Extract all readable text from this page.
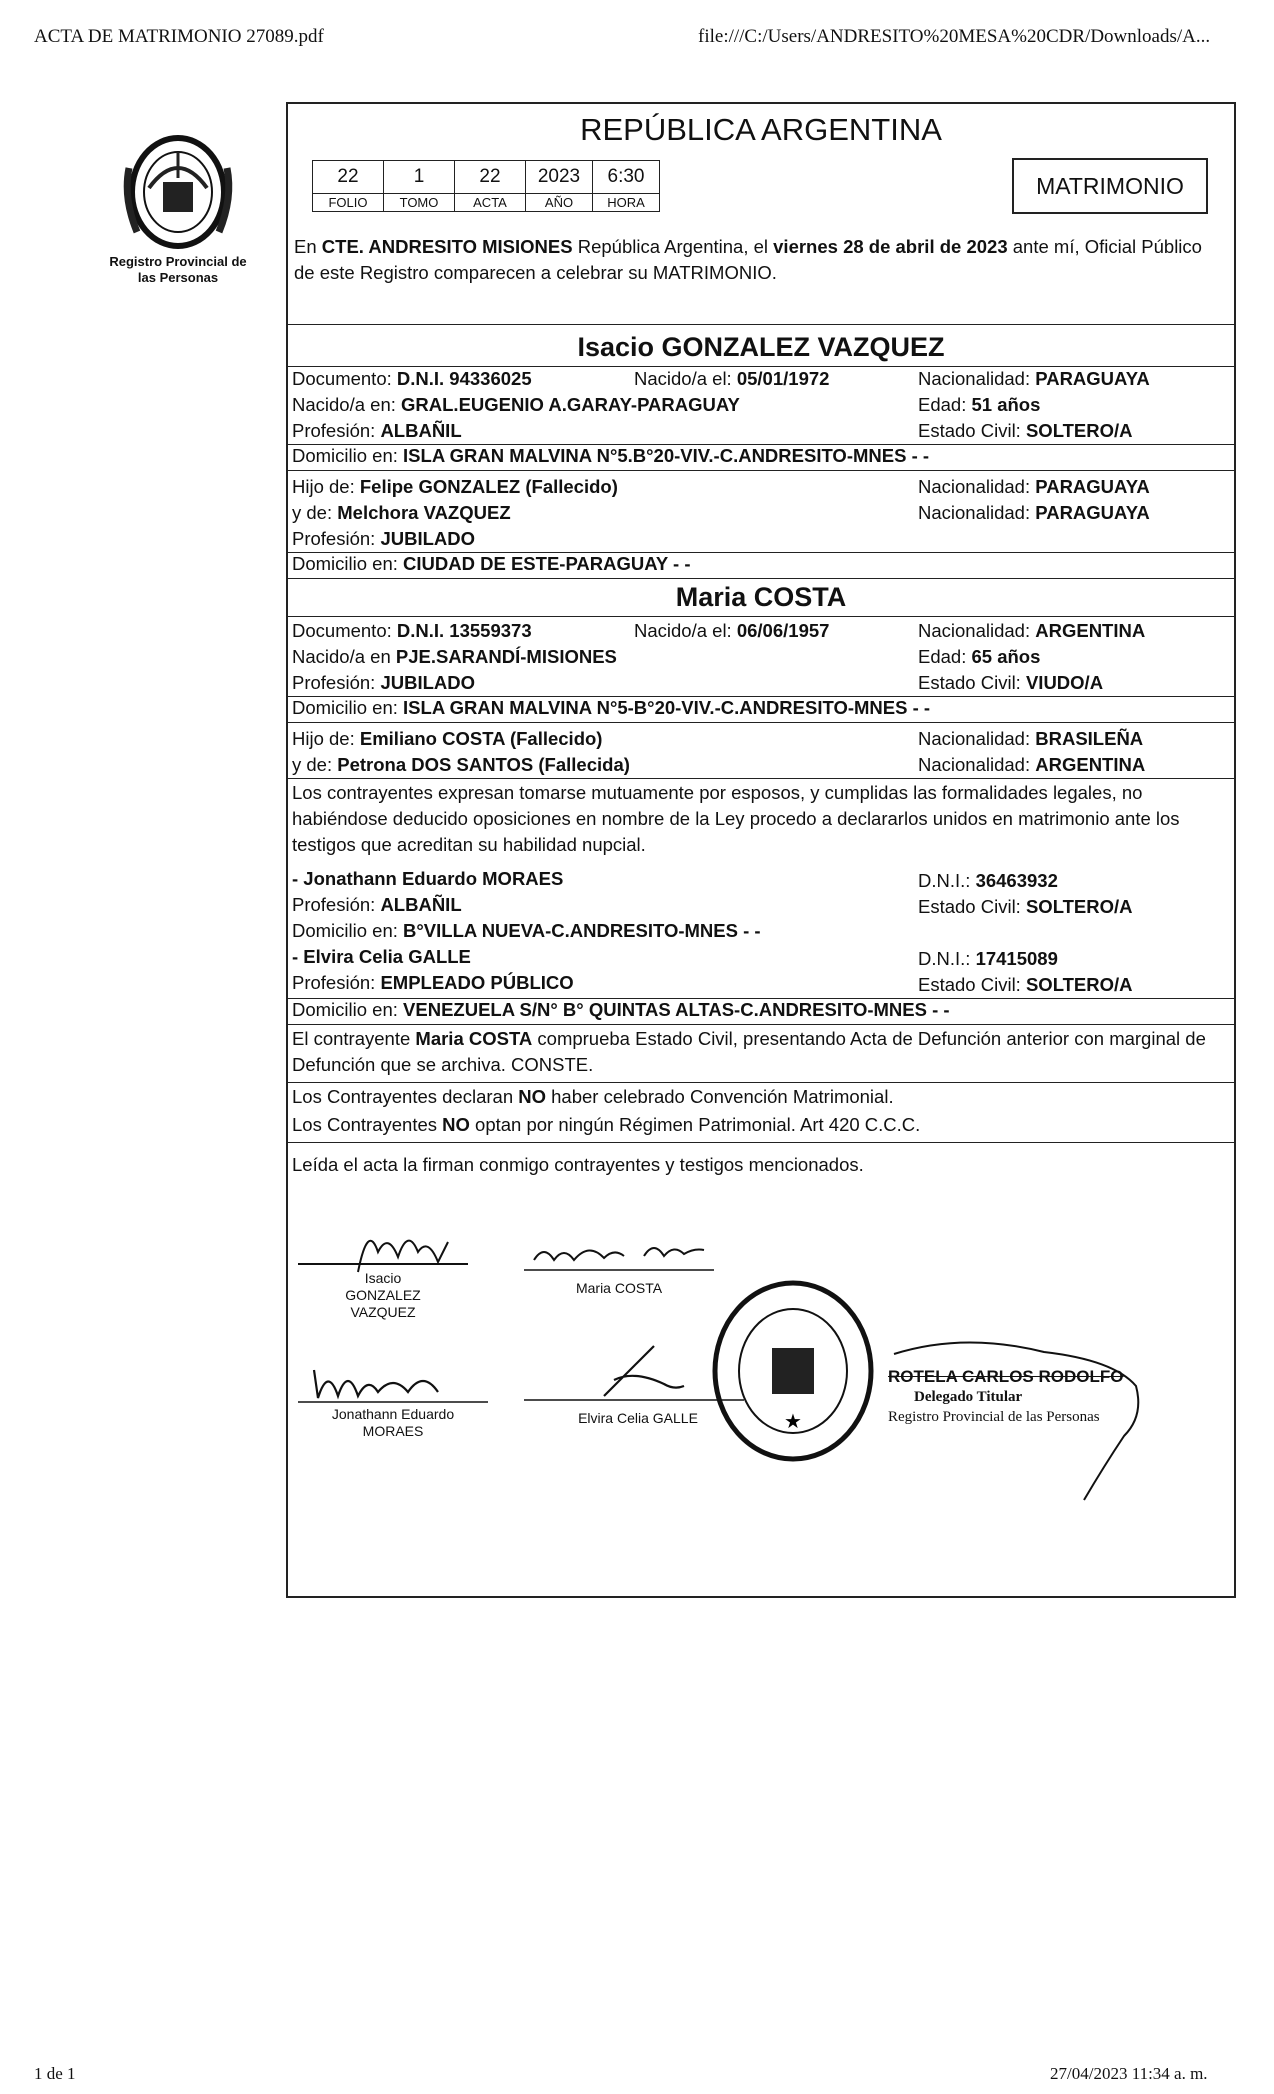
ACTA DE MATRIMONIO 27089.pdf	file:///C:/Users/ANDRESITO%20MESA%20CDR/Downloads/A...
Registro Provincial de las Personas
REPÚBLICA ARGENTINA
22	1	22	2023	6:30
FOLIO	TOMO	ACTA	AÑO	HORA
MATRIMONIO
En CTE. ANDRESITO MISIONES República Argentina, el viernes 28 de abril de 2023 ante mí, Oficial Público de este Registro comparecen a celebrar su MATRIMONIO.
Isacio GONZALEZ VAZQUEZ
Documento: D.N.I. 94336025	Nacido/a el: 05/01/1972	Nacionalidad: PARAGUAYA
Nacido/a en: GRAL.EUGENIO A.GARAY-PARAGUAY	Edad: 51 años
Profesión: ALBAÑIL	Estado Civil: SOLTERO/A
Domicilio en: ISLA GRAN MALVINA N°5.B°20-VIV.-C.ANDRESITO-MNES - -
Hijo de: Felipe GONZALEZ (Fallecido)	Nacionalidad: PARAGUAYA
y de: Melchora VAZQUEZ	Nacionalidad: PARAGUAYA
Profesión: JUBILADO
Domicilio en: CIUDAD DE ESTE-PARAGUAY - -
Maria COSTA
Documento: D.N.I. 13559373	Nacido/a el: 06/06/1957	Nacionalidad: ARGENTINA
Nacido/a en PJE.SARANDÍ-MISIONES	Edad: 65 años
Profesión: JUBILADO	Estado Civil: VIUDO/A
Domicilio en: ISLA GRAN MALVINA N°5-B°20-VIV.-C.ANDRESITO-MNES - -
Hijo de: Emiliano COSTA (Fallecido)	Nacionalidad: BRASILEÑA
y de: Petrona DOS SANTOS (Fallecida)	Nacionalidad: ARGENTINA
Los contrayentes expresan tomarse mutuamente por esposos, y cumplidas las formalidades legales, no habiéndose deducido oposiciones en nombre de la Ley procedo a declararlos unidos en matrimonio ante los testigos que acreditan su habilidad nupcial.
- Jonathann Eduardo MORAES	D.N.I.: 36463932
Profesión: ALBAÑIL	Estado Civil: SOLTERO/A
Domicilio en: B°VILLA NUEVA-C.ANDRESITO-MNES - -
- Elvira Celia GALLE	D.N.I.: 17415089
Profesión: EMPLEADO PÚBLICO	Estado Civil: SOLTERO/A
Domicilio en: VENEZUELA S/N° B° QUINTAS ALTAS-C.ANDRESITO-MNES - -
El contrayente Maria COSTA comprueba Estado Civil, presentando Acta de Defunción anterior con marginal de Defunción que se archiva. CONSTE.
Los Contrayentes declaran NO haber celebrado Convención Matrimonial.
Los Contrayentes NO optan por ningún Régimen Patrimonial. Art 420 C.C.C.
Leída el acta la firman conmigo contrayentes y testigos mencionados.
Isacio GONZALEZ VAZQUEZ
Maria COSTA
Jonathann Eduardo MORAES
Elvira Celia GALLE	★
ROTELA CARLOS RODOLFO
Delegado Titular
Registro Provincial de las Personas
1 de 1	27/04/2023 11:34 a. m.
